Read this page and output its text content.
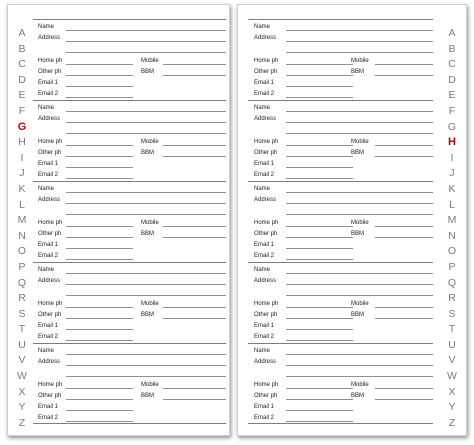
A
B
C
D
E
F
G
H
I
J
K
L
M
N
O
P
Q
R
S
T
U
V
W
X
Y
Z
Name
Address
Home ph
Other ph
Email 1
Email 2
Mobile
BBM
Name
Address
Home ph
Other ph
Email 1
Email 2
Mobile
BBM
Name
Address
Home ph
Other ph
Email 1
Email 2
Mobile
BBM
Name
Address
Home ph
Other ph
Email 1
Email 2
Mobile
BBM
Name
Address
Home ph
Other ph
Email 1
Email 2
Mobile
BBM
A
B
C
D
E
F
G
H
I
J
K
L
M
N
O
P
Q
R
S
T
U
V
W
X
Y
Z
Name
Address
Home ph
Other ph
Email 1
Email 2
Mobile
BBM
Name
Address
Home ph
Other ph
Email 1
Email 2
Mobile
BBM
Name
Address
Home ph
Other ph
Email 1
Email 2
Mobile
BBM
Name
Address
Home ph
Other ph
Email 1
Email 2
Mobile
BBM
Name
Address
Home ph
Other ph
Email 1
Email 2
Mobile
BBM
